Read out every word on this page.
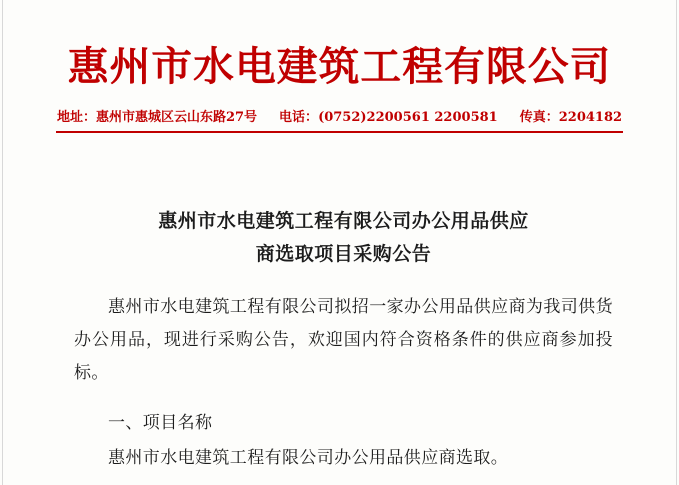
惠州市水电建筑工程有限公司
地址：惠州市惠城区云山东路27号 电话：(0752)2200561 2200581 传真：2204182
惠州市水电建筑工程有限公司办公用品供应
商选取项目采购公告

惠州市水电建筑工程有限公司拟招一家办公用品供应商为我司供货办公用品，现进行采购公告，欢迎国内符合资格条件的供应商参加投标。

一、项目名称
惠州市水电建筑工程有限公司办公用品供应商选取。
